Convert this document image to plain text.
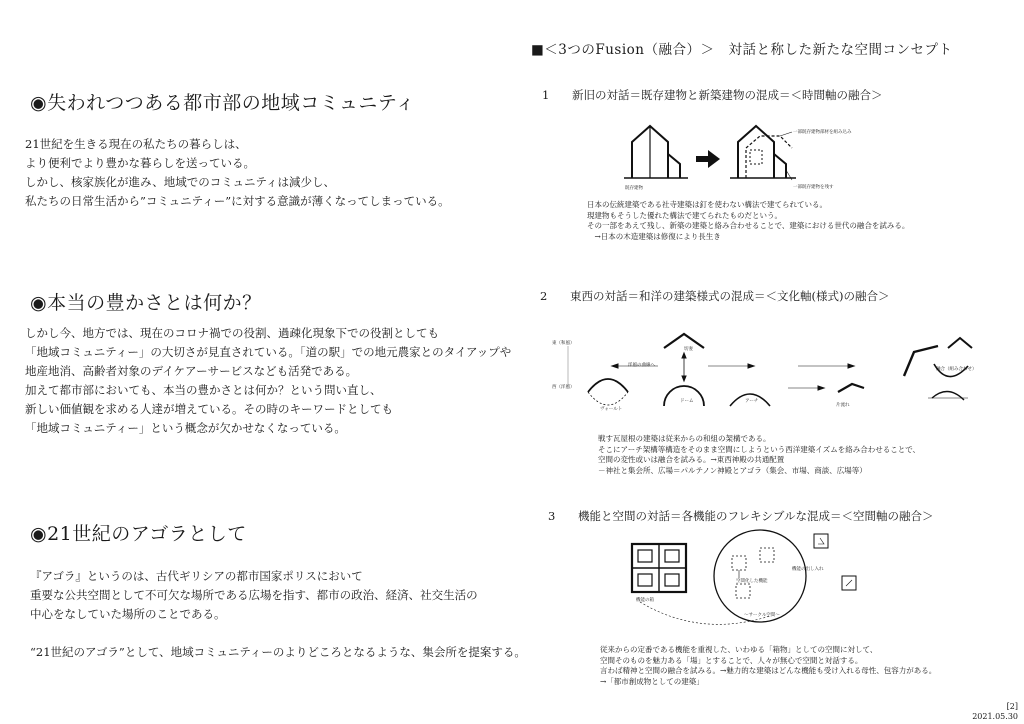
■＜3つのFusion（融合）＞　対話と称した新たな空間コンセプト
◉失われつつある都市部の地域コミュニティ
21世紀を生きる現在の私たちの暮らしは、
より便利でより豊かな暮らしを送っている。
しかし、核家族化が進み、地域でのコミュニティは減少し、
私たちの日常生活から”コミュニティー”に対する意識が薄くなってしまっている。
◉本当の豊かさとは何か？
しかし今、地方では、現在のコロナ禍での役割、過疎化現象下での役割としても
「地域コミュニティー」の大切さが見直されている。「道の駅」での地元農家とのタイアップや
地産地消、高齢者対象のデイケアーサービスなども活発である。
加えて都市部においても、本当の豊かさとは何か？という問い直し、
新しい価値観を求める人達が増えている。その時のキーワードとしても
「地域コミュニティー」という概念が欠かせなくなっている。
◉21世紀のアゴラとして
『アゴラ』というのは、古代ギリシアの都市国家ポリスにおいて
重要な公共空間として不可欠な場所である広場を指す、都市の政治、経済、社交生活の
中心をなしていた場所のことである。
“21世紀のアゴラ”として、地域コミュニティーのよりどころとなるような、集会所を提案する。
1 新旧の対話＝既存建物と新築建物の混成＝＜時間軸の融合＞
既存建物
一部既存建物部材を組み込み
一部既存建物を残す
日本の伝統建築である社寺建築は釘を使わない構法で建てられている。
現建物もそうした優れた構法で建てられたものだという。
その一部をあえて残し、新築の建築と絡み合わせることで、建築における世代の融合を試みる。
　→日本の木造建築は修復により長生き
2 東西の対話＝和洋の建築様式の混成＝＜文化軸(様式)の融合＞
東（和風）
西（洋風）
切妻
洋風の曲線へ
ドーム	アーチ
ヴォールト
片流れ
融合（組み合わせ）
戦す瓦屋根の建築は従来からの和組の架構である。
そこにアーチ架構等構造をそのまま空間にしようという西洋建築イズムを絡み合わせることで、
空間の変性或いは融合を試みる。→東西神殿の共通配置
－神社と集会所、広場＝パルテノン神殿とアゴラ（集会、市場、商談、広場等）
3 機能と空間の対話＝各機能のフレキシブルな混成＝＜空間軸の融合＞
機能の箱
空間化した機能
機能の出し入れ
～サークル空間～
従来からの定番である機能を重視した、いわゆる「箱物」としての空間に対して、
空間そのものを魅力ある「場」とすることで、人々が無心で空間と対話する。
言わば精神と空間の融合を試みる。→魅力的な建築はどんな機能も受け入れる母性、包容力がある。
→「都市創成物としての建築」
[2]
2021.05.30
